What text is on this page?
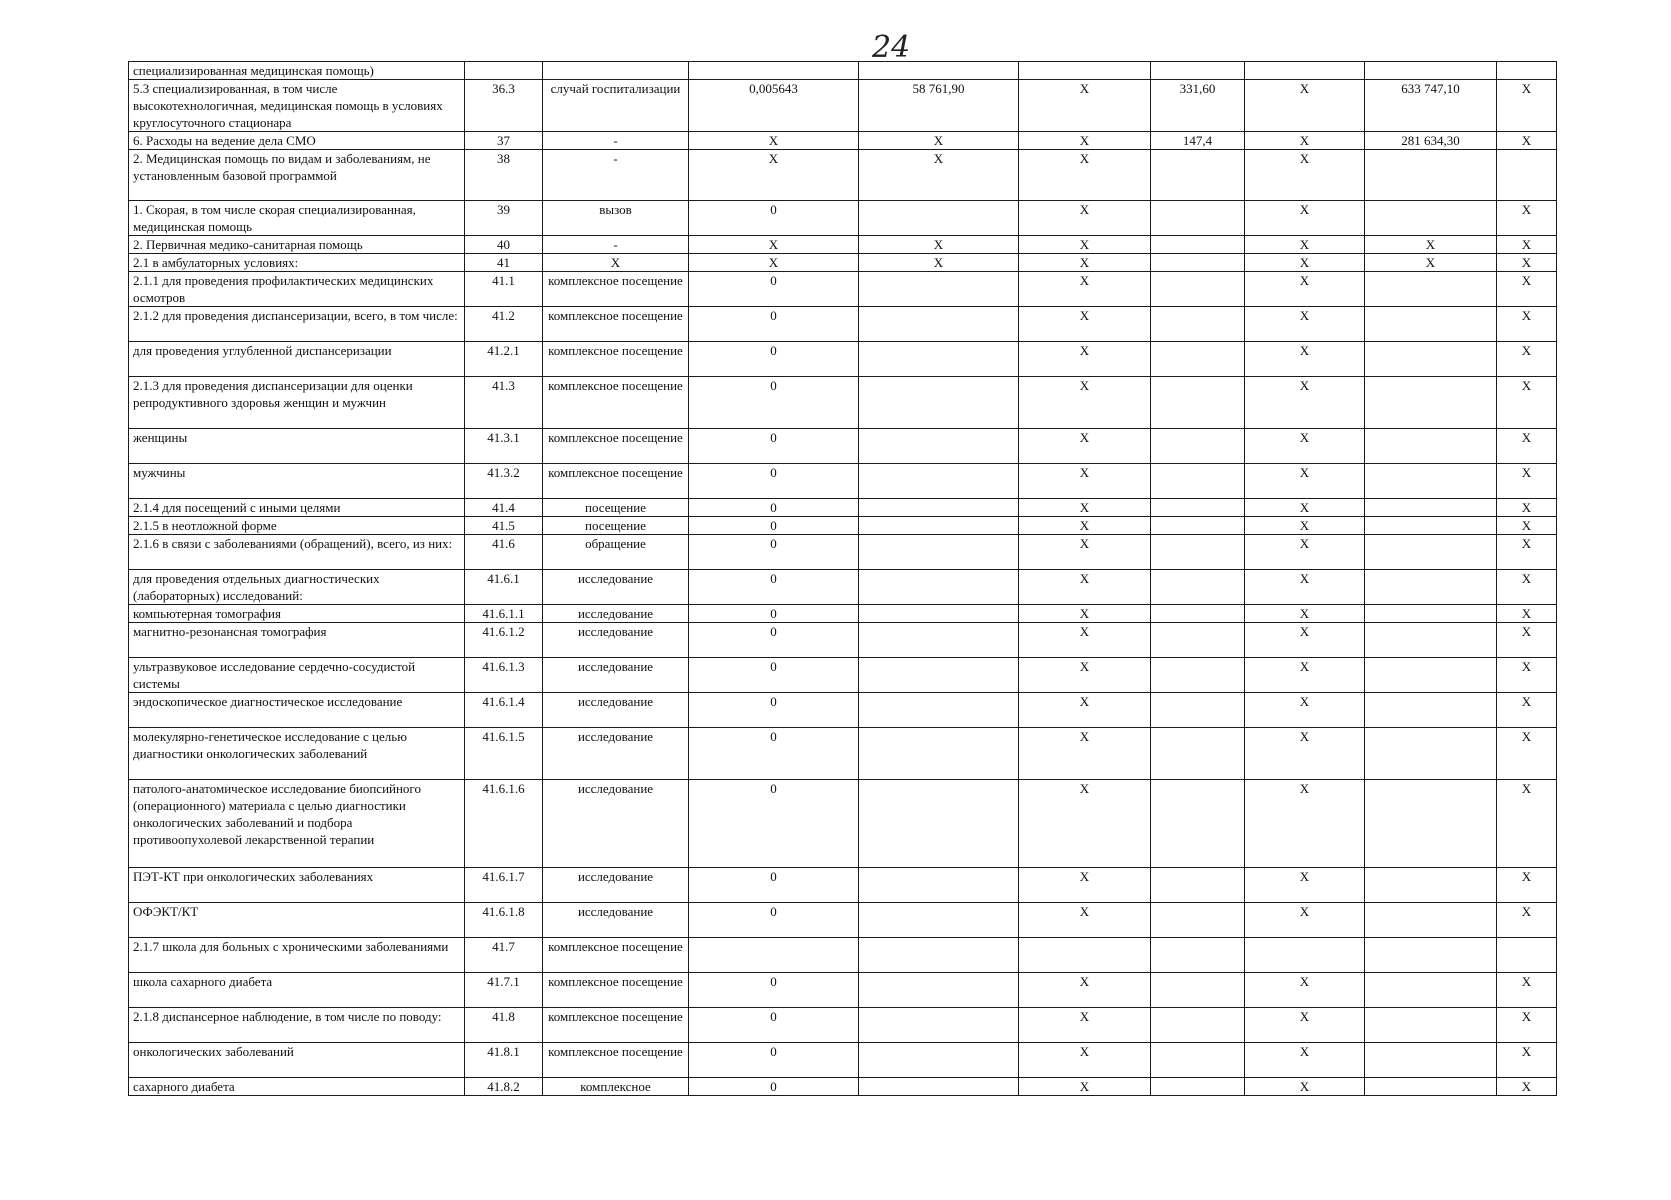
24
специализированная медицинская помощь)									
5.3 специализированная, в том числе высокотехнологичная, медицинская помощь в условиях круглосуточного стационара	36.3	случай госпитализации	0,005643	58 761,90	X	331,60	X	633 747,10	X
6. Расходы на ведение дела СМО	37	-	X	X	X	147,4	X	281 634,30	X
2. Медицинская помощь по видам и заболеваниям, не установленным базовой программой	38	-	X	X	X		X		
1. Скорая, в том числе скорая специализированная, медицинская помощь	39	вызов	0		X		X		X
2. Первичная медико-санитарная помощь	40	-	X	X	X		X	X	X
2.1 в амбулаторных условиях:	41	X	X	X	X		X	X	X
2.1.1 для проведения профилактических медицинских осмотров	41.1	комплексное посещение	0		X		X		X
2.1.2 для проведения диспансеризации, всего, в том числе:	41.2	комплексное посещение	0		X		X		X
для проведения углубленной диспансеризации	41.2.1	комплексное посещение	0		X		X		X
2.1.3 для проведения диспансеризации для оценки репродуктивного здоровья женщин и мужчин	41.3	комплексное посещение	0		X		X		X
женщины	41.3.1	комплексное посещение	0		X		X		X
мужчины	41.3.2	комплексное посещение	0		X		X		X
2.1.4 для посещений с иными целями	41.4	посещение	0		X		X		X
2.1.5 в неотложной форме	41.5	посещение	0		X		X		X
2.1.6 в связи с заболеваниями (обращений), всего, из них:	41.6	обращение	0		X		X		X
для проведения отдельных диагностических (лабораторных) исследований:	41.6.1	исследование	0		X		X		X
компьютерная томография	41.6.1.1	исследование	0		X		X		X
магнитно-резонансная томография	41.6.1.2	исследование	0		X		X		X
ультразвуковое исследование сердечно-сосудистой системы	41.6.1.3	исследование	0		X		X		X
эндоскопическое диагностическое исследование	41.6.1.4	исследование	0		X		X		X
молекулярно-генетическое исследование с целью диагностики онкологических заболеваний	41.6.1.5	исследование	0		X		X		X
патолого-анатомическое исследование биопсийного (операционного) материала с целью диагностики онкологических заболеваний и подбора противоопухолевой лекарственной терапии	41.6.1.6	исследование	0		X		X		X
ПЭТ-КТ при онкологических заболеваниях	41.6.1.7	исследование	0		X		X		X
ОФЭКТ/КТ	41.6.1.8	исследование	0		X		X		X
2.1.7 школа для больных с хроническими заболеваниями	41.7	комплексное посещение							
школа сахарного диабета	41.7.1	комплексное посещение	0		X		X		X
2.1.8 диспансерное наблюдение, в том числе по поводу:	41.8	комплексное посещение	0		X		X		X
онкологических заболеваний	41.8.1	комплексное посещение	0		X		X		X
сахарного диабета	41.8.2	комплексное	0		X		X		X
